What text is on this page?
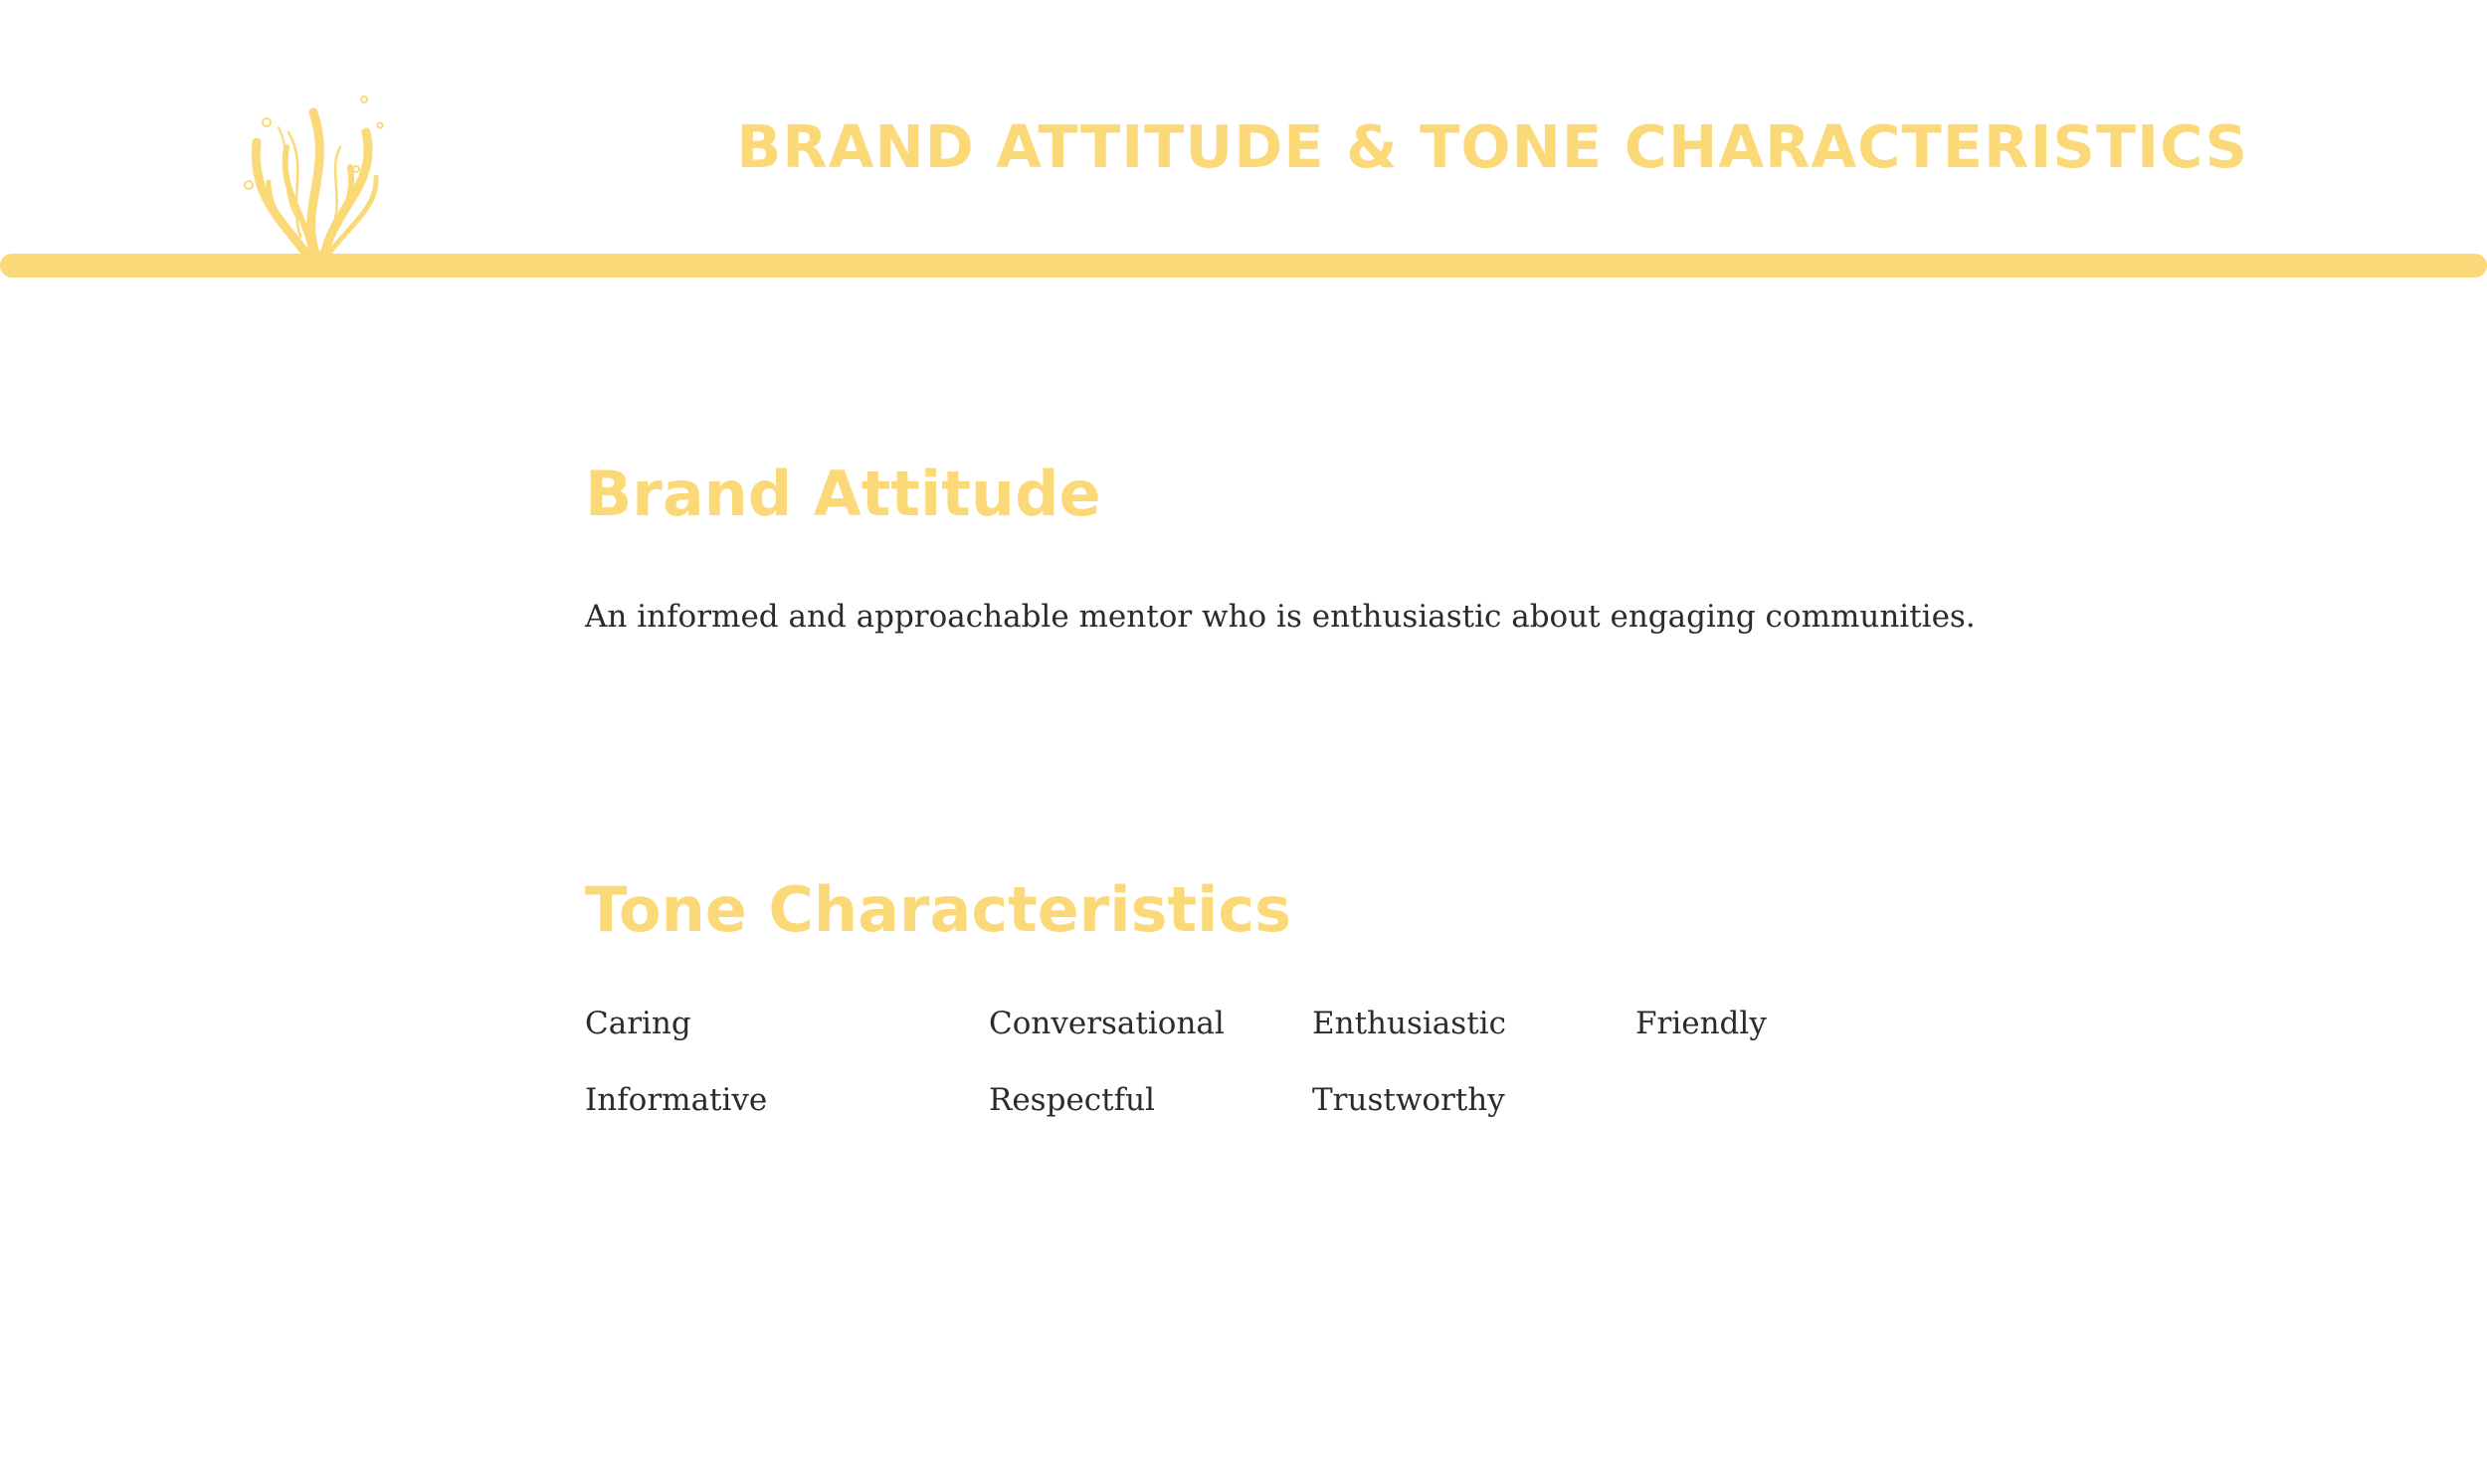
BRAND ATTITUDE & TONE CHARACTERISTICS
Brand Attitude
An informed and approachable mentor who is enthusiastic about engaging communities.
Tone Characteristics
Caring	Conversational	Enthusiastic	Friendly
Informative	Respectful	Trustworthy
